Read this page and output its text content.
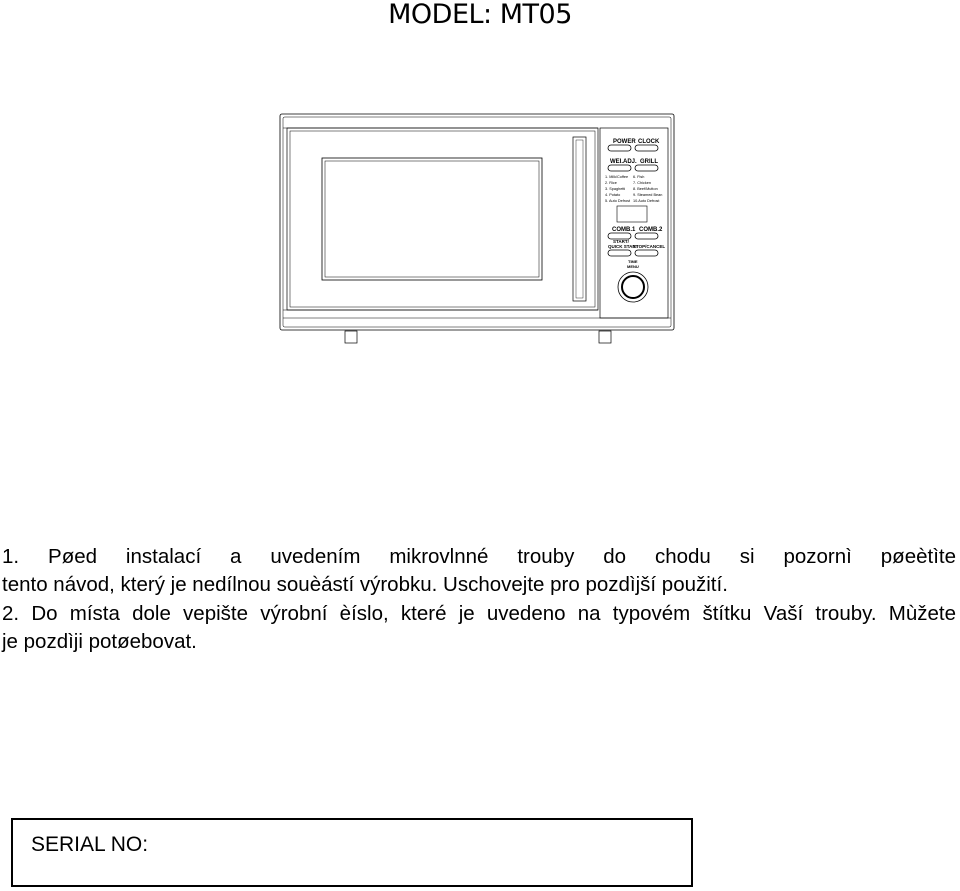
MODEL: MT05
POWER CLOCK
WEI.ADJ. GRILL
1. Milk/Coffee
2. Rice
3. Spaghetti
4. Potato
5. Auto Defrost
6. Fish
7. Chicken
8. Beef/Mutton
9. Steamed Bean
10.Auto Defrost
COMB.1 COMB.2
START/
QUICK START
STOP/CANCEL
TIME
MENU
1. Pøed instalací a uvedením mikrovlnné trouby do chodu si pozornì pøeètìte
tento návod, který je nedílnou souèástí výrobku. Uschovejte pro pozdìjší použití.
2. Do místa dole vepište výrobní èíslo, které je uvedeno na typovém štítku Vaší trouby. Mùžete
je pozdìji potøebovat.
SERIAL NO:
